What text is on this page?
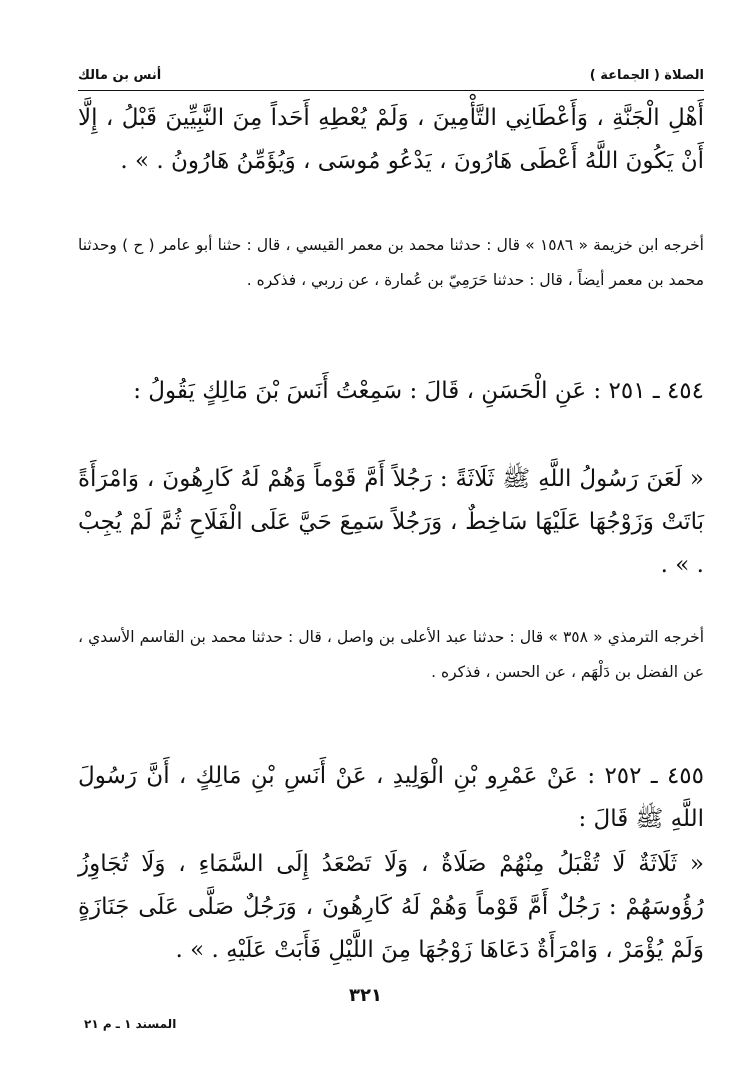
الصلاة ( الجماعة )
أنس بن مالك
أَهْلِ الْجَنَّةِ ، وَأَعْطَانِي التَّأْمِينَ ، وَلَمْ يُعْطِهِ أَحَداً مِنَ النَّبِيِّينَ قَبْلُ ، إِلَّا أَنْ يَكُونَ اللَّهُ أَعْطَى هَارُونَ ، يَدْعُو مُوسَى ، وَيُؤَمِّنُ هَارُونُ . » .
أخرجه ابن خزيمة « ١٥٨٦ » قال : حدثنا محمد بن معمر القيسي ، قال : حثنا أبو عامر ( ح ) وحدثنا محمد بن معمر أيضاً ، قال : حدثنا حَرَمِيّ بن عُمارة ، عن زربي ، فذكره .
٤٥٤ ـ ٢٥١ : عَنِ الْحَسَنِ ، قَالَ : سَمِعْتُ أَنَسَ بْنَ مَالِكٍ يَقُولُ :
« لَعَنَ رَسُولُ اللَّهِ ﷺ ثَلَاثَةً : رَجُلاً أَمَّ قَوْماً وَهُمْ لَهُ كَارِهُونَ ، وَامْرَأَةً بَاتَتْ وَزَوْجُهَا عَلَيْهَا سَاخِطٌ ، وَرَجُلاً سَمِعَ حَيَّ عَلَى الْفَلَاحِ ثُمَّ لَمْ يُجِبْ . » .
أخرجه الترمذي « ٣٥٨ » قال : حدثنا عبد الأعلى بن واصل ، قال : حدثنا محمد بن القاسم الأسدي ، عن الفضل بن دَلْهَم ، عن الحسن ، فذكره .
٤٥٥ ـ ٢٥٢ : عَنْ عَمْرِو بْنِ الْوَلِيدِ ، عَنْ أَنَسِ بْنِ مَالِكٍ ، أَنَّ رَسُولَ اللَّهِ ﷺ قَالَ :
« ثَلَاثَةٌ لَا تُقْبَلُ مِنْهُمْ صَلَاةٌ ، وَلَا تَصْعَدُ إِلَى السَّمَاءِ ، وَلَا تُجَاوِزُ رُؤُوسَهُمْ : رَجُلٌ أَمَّ قَوْماً وَهُمْ لَهُ كَارِهُونَ ، وَرَجُلٌ صَلَّى عَلَى جَنَازَةٍ وَلَمْ يُؤْمَرْ ، وَامْرَأَةٌ دَعَاهَا زَوْجُهَا مِنَ اللَّيْلِ فَأَبَتْ عَلَيْهِ . » .
٣٢١
المسند ١ ـ م ٢١
